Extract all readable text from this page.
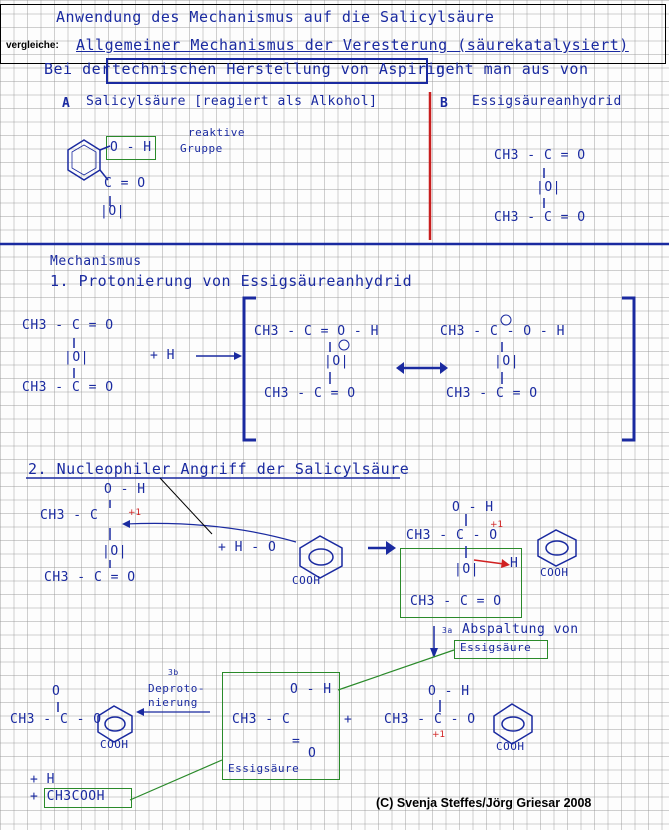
Anwendung des Mechanismus auf die Salicylsäure
vergleiche: Allgemeiner Mechanismus der Veresterung (säurekatalysiert)
Bei der technischen Herstellung von Aspirin
geht man aus von
A Salicylsäure [reagiert als Alkohol]
O - H
reaktive
Gruppe
C = O
|O|
B Essigsäureanhydrid
CH3 - C = O
|O|
CH3 - C = O
Mechanismus
1. Protonierung von Essigsäureanhydrid
CH3 - C = O
|O|
CH3 - C = O
+ H
CH3 - C = O - H
|O|
CH3 - C = O
CH3 - C - O - H
|O|
CH3 - C = O
2. Nucleophiler Angriff der Salicylsäure
O - H
CH3 - C	+1
|O|
CH3 - C = O
+ H - O
COOH
O - H
CH3 - C - O
+1
|O| H
CH3 - C = O
COOH
3a Abspaltung von
Essigsäure
3b
Deproto-
nierung
O
CH3 - C - O
COOH
O - H
CH3 - C
=
O
Essigsäure
+
O - H
CH3 - C - O
+1
COOH
+ H
+ CH3COOH	(C) Svenja Steffes/Jörg Griesar 2008
